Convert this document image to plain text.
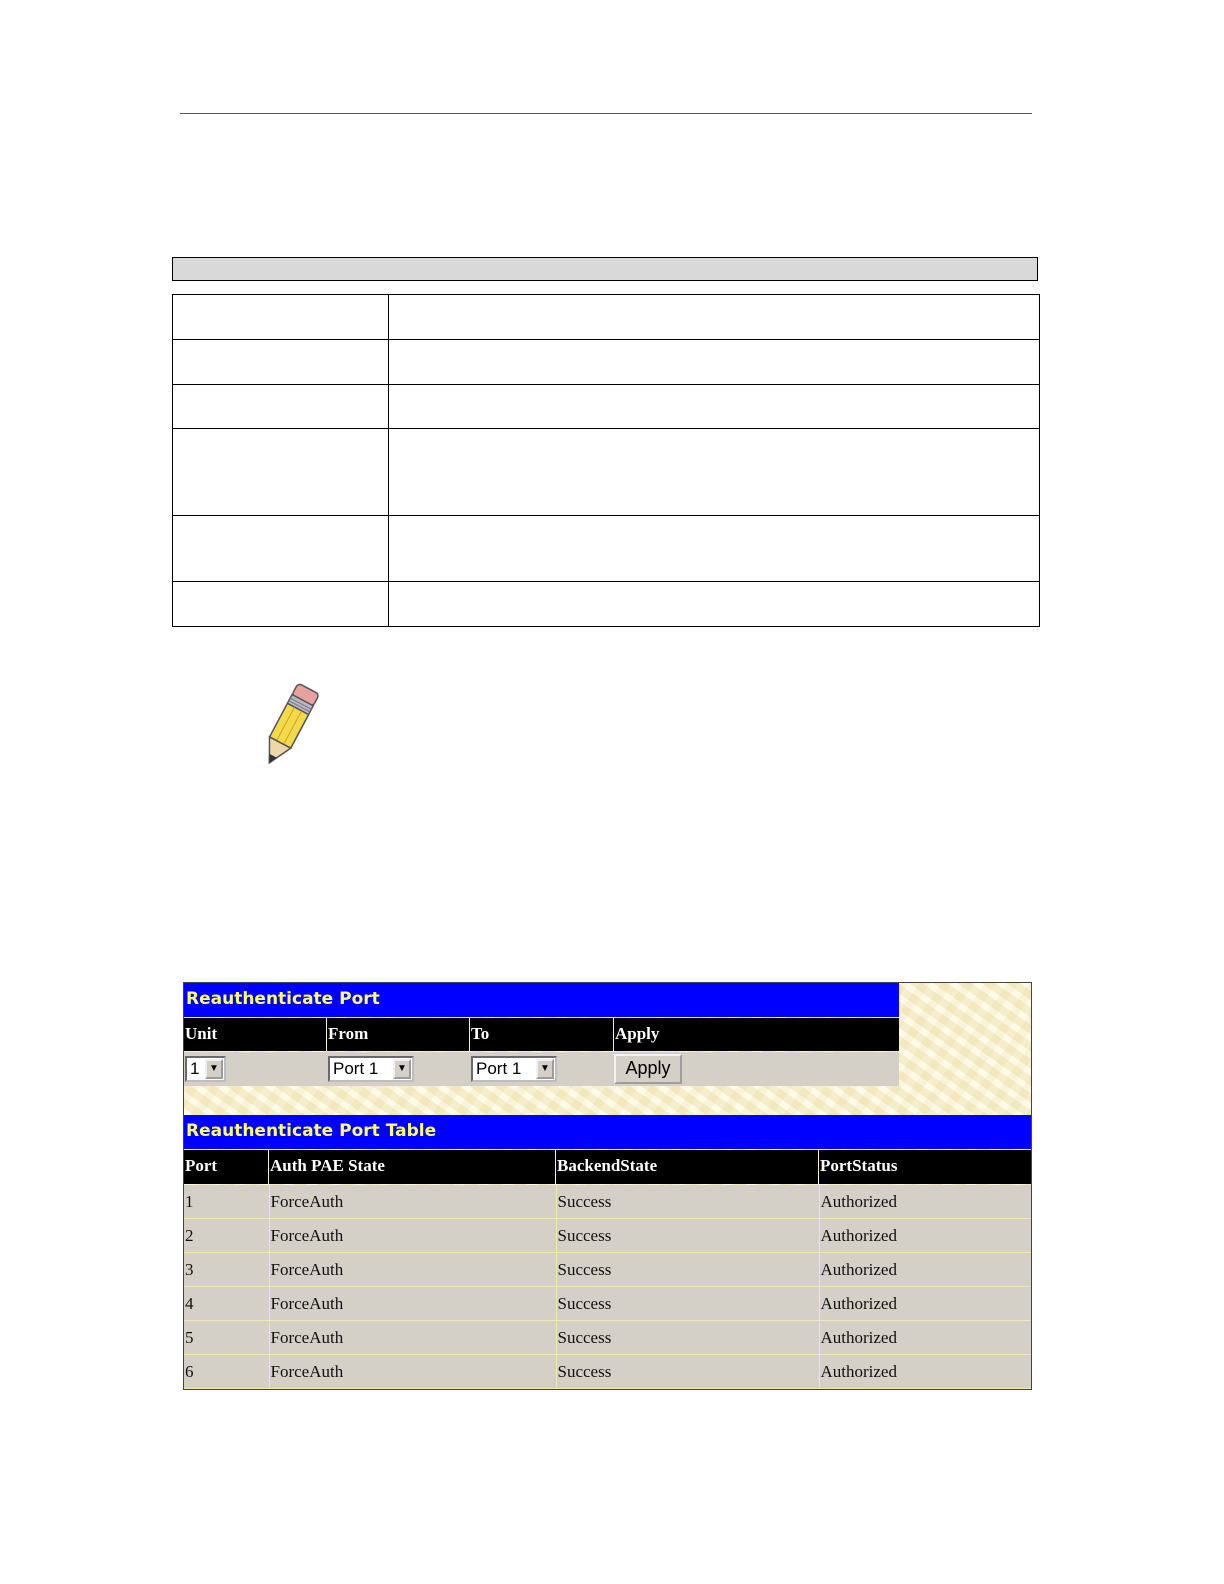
Reauthenticate Port
Unit	From	To	Apply
1 ▼	Port 1	▼	Port 1	▼	Apply
Reauthenticate Port Table
Port	Auth PAE State	BackendState	PortStatus
1	ForceAuth	Success	Authorized
2	ForceAuth	Success	Authorized
3	ForceAuth	Success	Authorized
4	ForceAuth	Success	Authorized
5	ForceAuth	Success	Authorized
6	ForceAuth	Success	Authorized
